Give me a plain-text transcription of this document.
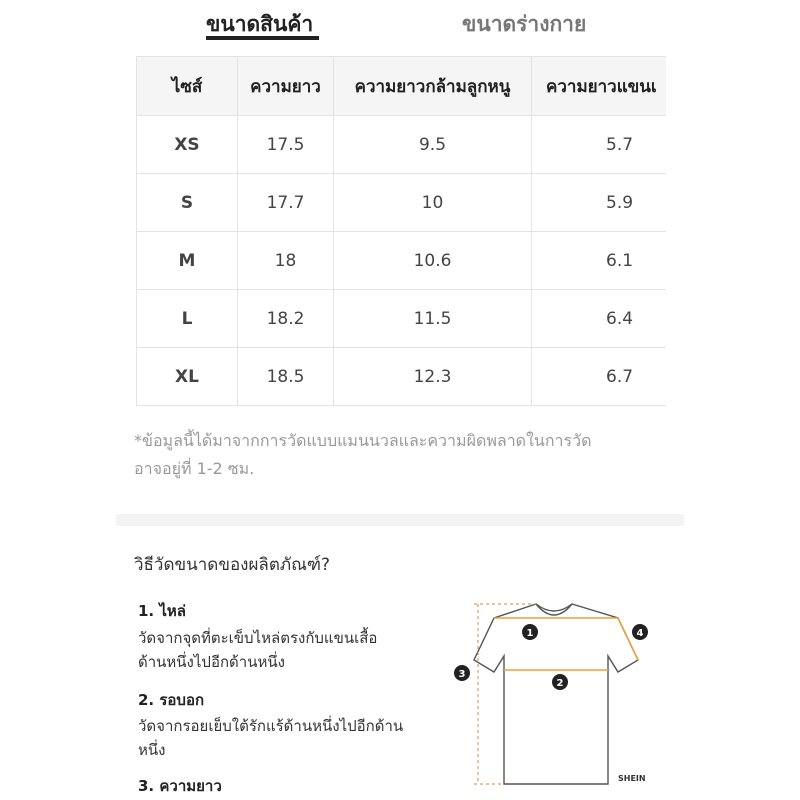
ขนาดสินค้า	ขนาดร่างกาย
ไซส์	ความยาว	ความยาวกล้ามลูกหนู	ความยาวแขนเ
XS	17.5	9.5	5.7
S	17.7	10	5.9
M	18	10.6	6.1
L	18.2	11.5	6.4
XL	18.5	12.3	6.7
*ข้อมูลนี้ได้มาจากการวัดแบบแมนนวลและความผิดพลาดในการวัด
อาจอยู่ที่ 1-2 ซม.
วิธีวัดขนาดของผลิตภัณฑ์?
1. ไหล่
วัดจากจุดที่ตะเข็บไหล่ตรงกับแขนเสื้อ
ด้านหนึ่งไปอีกด้านหนึ่ง
2. รอบอก
วัดจากรอยเย็บใต้รักแร้ด้านหนึ่งไปอีกด้าน
หนึ่ง
3. ความยาว
1
2
3
4
SHEIN
